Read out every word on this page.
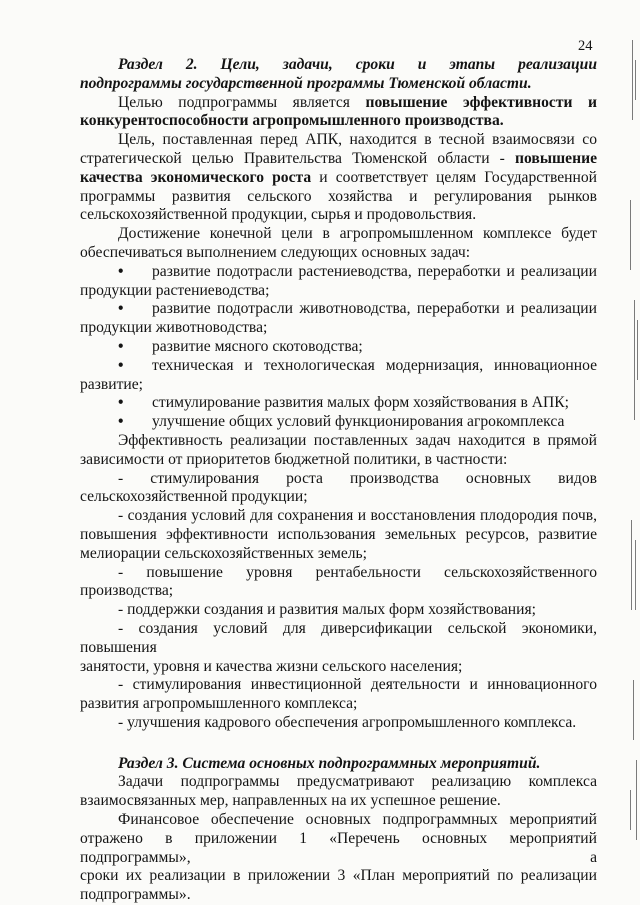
24

Раздел 2. Цели, задачи, сроки и этапы реализации

подпрограммы государственной программы Тюменской области.

Целью подпрограммы является повышение эффективности и

конкурентоспособности агропромышленного производства.

Цель, поставленная перед АПК, находится в тесной взаимосвязи со

стратегической целью Правительства Тюменской области - повышение

качества экономического роста и соответствует целям Государственной

программы развития сельского хозяйства и регулирования рынков

сельскохозяйственной продукции, сырья и продовольствия.

Достижение конечной цели в агропромышленном комплексе будет

обеспечиваться выполнением следующих основных задач:

• развитие подотрасли растениеводства, переработки и реализации

продукции растениеводства;

• развитие подотрасли животноводства, переработки и реализации

продукции животноводства;

• развитие мясного скотоводства;

• техническая и технологическая модернизация, инновационное

развитие;

• стимулирование развития малых форм хозяйствования в АПК;

• улучшение общих условий функционирования агрокомплекса

Эффективность реализации поставленных задач находится в прямой

зависимости от приоритетов бюджетной политики, в частности:

- стимулирования роста производства основных видов

сельскохозяйственной продукции;

- создания условий для сохранения и восстановления плодородия почв,

повышения эффективности использования земельных ресурсов, развитие

мелиорации сельскохозяйственных земель;

- повышение уровня рентабельности сельскохозяйственного

производства;

- поддержки создания и развития малых форм хозяйствования;

- создания условий для диверсификации сельской экономики, повышения

занятости, уровня и качества жизни сельского населения;

- стимулирования инвестиционной деятельности и инновационного

развития агропромышленного комплекса;

- улучшения кадрового обеспечения агропромышленного комплекса.

Раздел 3. Система основных подпрограммных мероприятий.

Задачи подпрограммы предусматривают реализацию комплекса

взаимосвязанных мер, направленных на их успешное решение.

Финансовое обеспечение основных подпрограммных мероприятий

отражено в приложении 1 «Перечень основных мероприятий подпрограммы», а

сроки их реализации в приложении 3 «План мероприятий по реализации

подпрограммы».
